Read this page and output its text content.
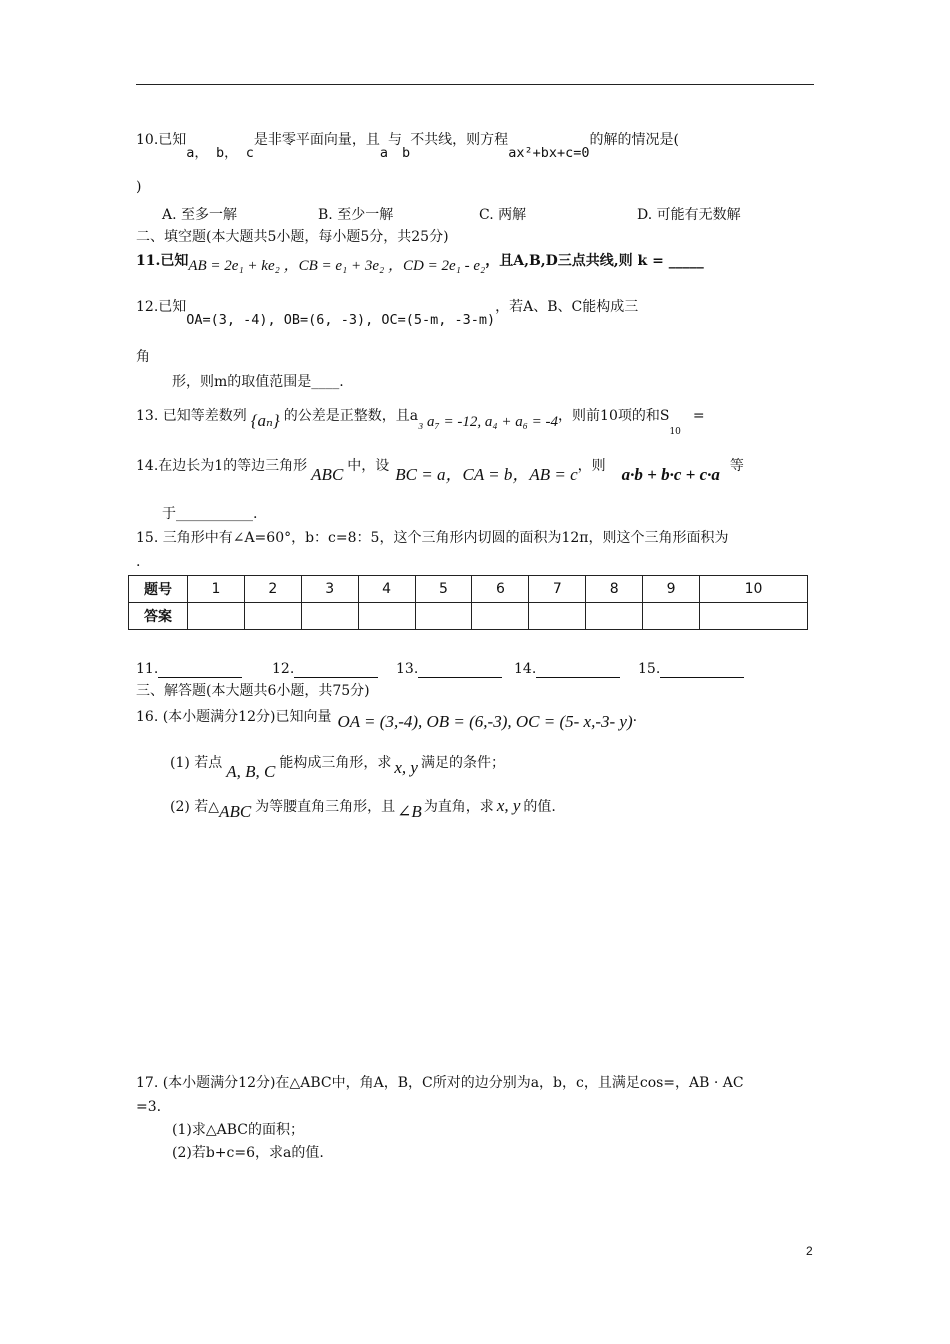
10.已知a， b， c是非零平面向量，且a与b不共线，则方程ax²+bx+c=0的解的情况是(
)
A. 至多一解	B. 至少一解	C. 两解	D. 可能有无数解
二、填空题(本大题共5小题，每小题5分，共25分)
11.已知AB = 2e₁ + ke₂ ，CB = e₁ + 3e₂ ，CD = 2e₁ - e₂，且A,B,D三点共线,则 k = _____
12.已知OA=(3, -4), OB=(6, -3), OC=(5-m, -3-m)，若A、B、C能构成三
角
形，则m的取值范围是____.
13. 已知等差数列 {aₙ} 的公差是正整数，且a₃ a₇ = -12, a₄ + a₆ = -4，则前10项的和$S_{10}=$
14.在边长为1的等边三角形 ABC 中，设 BC = a，CA = b，AB = c，则 a·b + b·c + c·a 等
于___________.
15. 三角形中有∠A=60°，b：c=8：5，这个三角形内切圆的面积为12π，则这个三角形面积为
.
题号	1	2	3	4	5	6	7	8	9	10
答案										
11.	12.	13.	14.	15.
三、解答题(本大题共6小题，共75分)
16. (本小题满分12分)已知向量 OA = (3,-4), OB = (6,-3), OC = (5- x,-3- y).
(1) 若点 A, B, C 能构成三角形，求 x, y 满足的条件；
(2) 若△ABC 为等腰直角三角形，且 ∠B 为直角，求 x, y 的值.
17. (本小题满分12分)在△ABC中，角A，B，C所对的边分别为a，b，c，且满足cos=，AB · AC
=3.
(1)求△ABC的面积；
(2)若b+c=6，求a的值.
2
